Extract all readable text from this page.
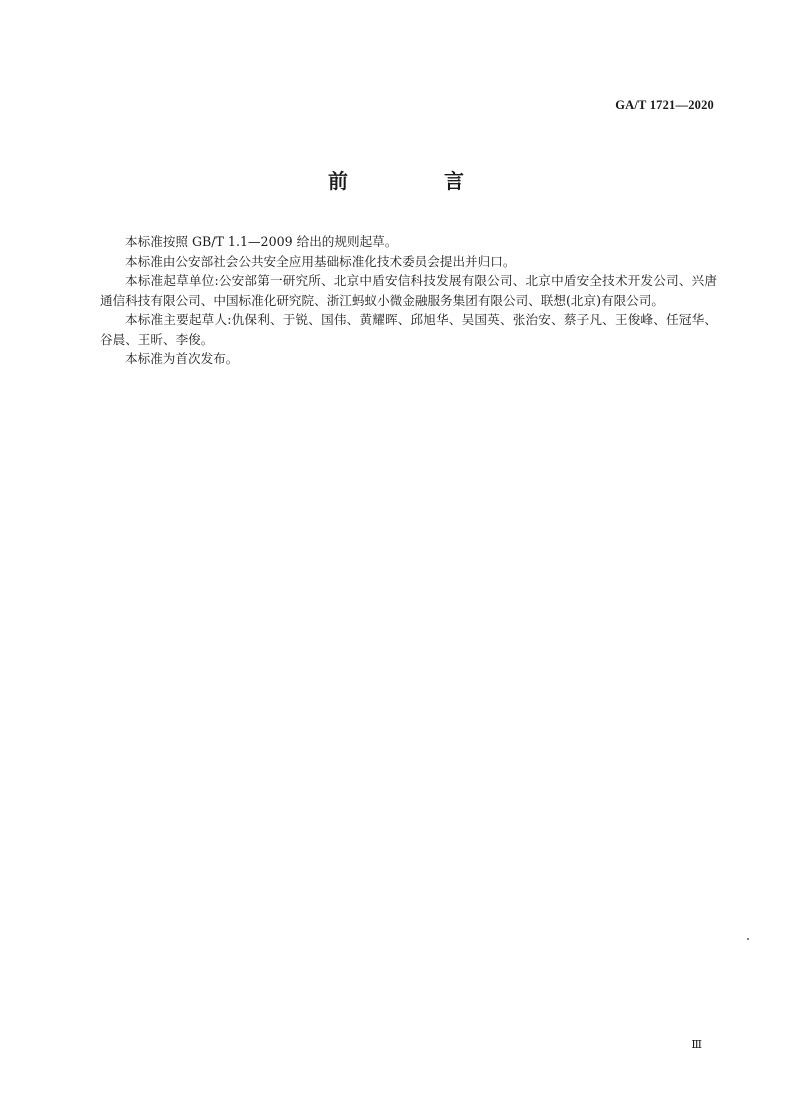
GA/T 1721—2020
前　言

本标准按照 GB/T 1.1—2009 给出的规则起草。

本标准由公安部社会公共安全应用基础标准化技术委员会提出并归口。

本标准起草单位:公安部第一研究所、北京中盾安信科技发展有限公司、北京中盾安全技术开发公司、兴唐通信科技有限公司、中国标准化研究院、浙江蚂蚁小微金融服务集团有限公司、联想(北京)有限公司。

本标准主要起草人:仇保利、于锐、国伟、黄耀晖、邱旭华、吴国英、张治安、蔡子凡、王俊峰、任冠华、谷晨、王昕、李俊。

本标准为首次发布。

Ⅲ
